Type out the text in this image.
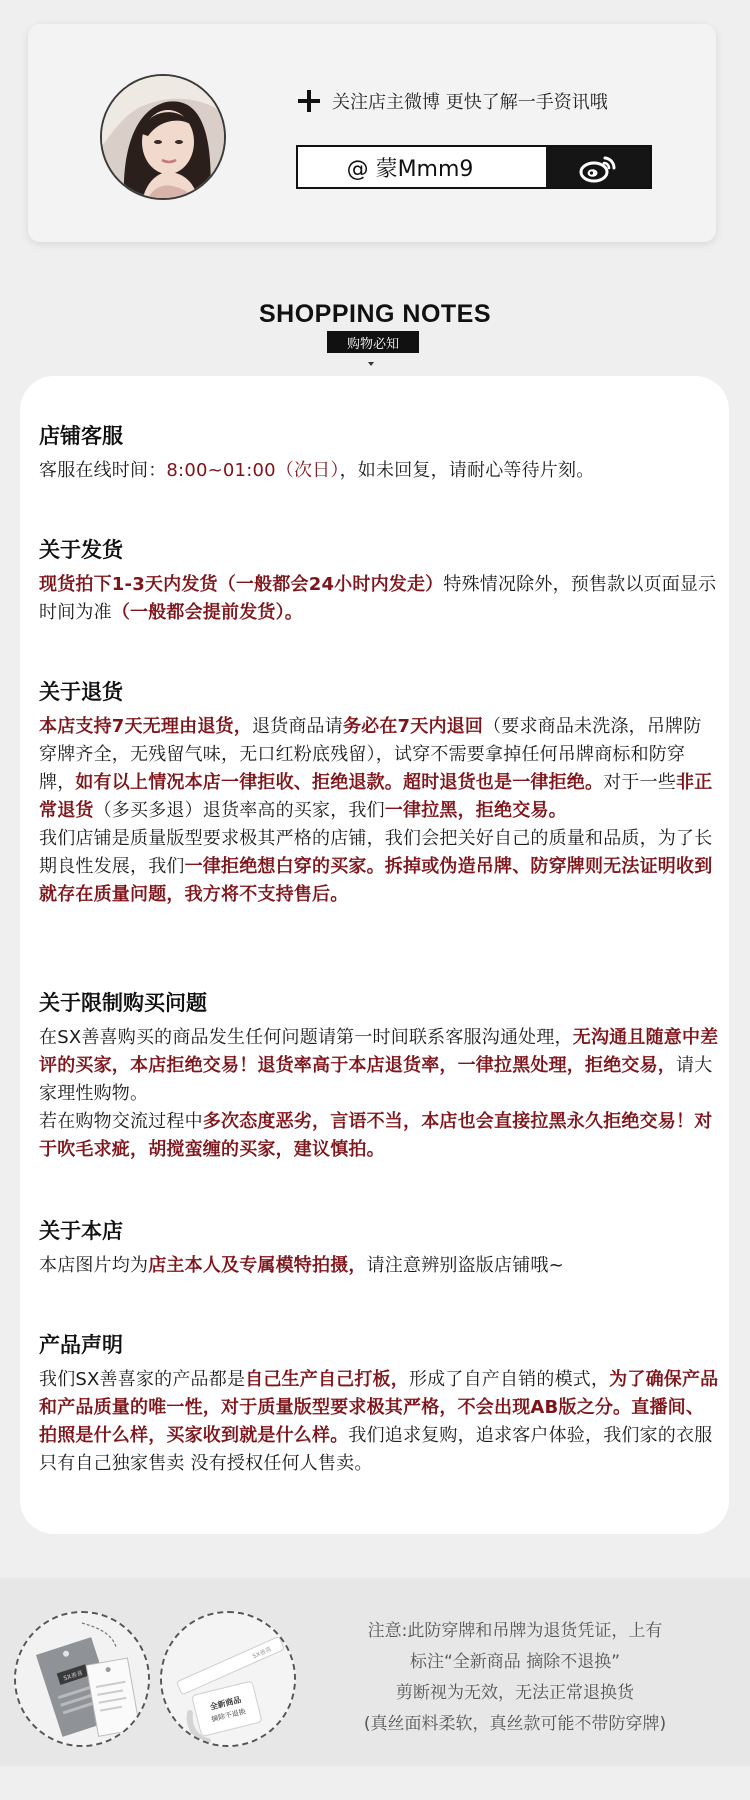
关注店主微博 更快了解一手资讯哦
@ 蒙Mmm9
SHOPPING NOTES
购物必知
店铺客服
客服在线时间：8:00~01:00（次日），如未回复，请耐心等待片刻。
关于发货
现货拍下1-3天内发货（一般都会24小时内发走）特殊情况除外，预售款以页面显示时间为准（一般都会提前发货）。
关于退货
本店支持7天无理由退货，退货商品请务必在7天内退回（要求商品未洗涤，吊牌防穿牌齐全，无残留气味，无口红粉底残留），试穿不需要拿掉任何吊牌商标和防穿牌，如有以上情况本店一律拒收、拒绝退款。超时退货也是一律拒绝。对于一些非正常退货（多买多退）退货率高的买家，我们一律拉黑，拒绝交易。
我们店铺是质量版型要求极其严格的店铺，我们会把关好自己的质量和品质，为了长期良性发展，我们一律拒绝想白穿的买家。拆掉或伪造吊牌、防穿牌则无法证明收到就存在质量问题，我方将不支持售后。
关于限制购买问题
在SX善喜购买的商品发生任何问题请第一时间联系客服沟通处理，无沟通且随意中差评的买家，本店拒绝交易！退货率高于本店退货率，一律拉黑处理，拒绝交易，请大家理性购物。
若在购物交流过程中多次态度恶劣，言语不当，本店也会直接拉黑永久拒绝交易！对于吹毛求疵，胡搅蛮缠的买家，建议慎拍。
关于本店
本店图片均为店主本人及专属模特拍摄，请注意辨别盗版店铺哦~
产品声明
我们SX善喜家的产品都是自己生产自己打板，形成了自产自销的模式，为了确保产品和产品质量的唯一性，对于质量版型要求极其严格，不会出现AB版之分。直播间、拍照是什么样，买家收到就是什么样。我们追求复购，追求客户体验，我们家的衣服只有自己独家售卖 没有授权任何人售卖。
SX善喜
SX善喜
全新商品
摘除不退换
注意:此防穿牌和吊牌为退货凭证，上有
标注“全新商品 摘除不退换”
剪断视为无效，无法正常退换货
(真丝面料柔软，真丝款可能不带防穿牌)
